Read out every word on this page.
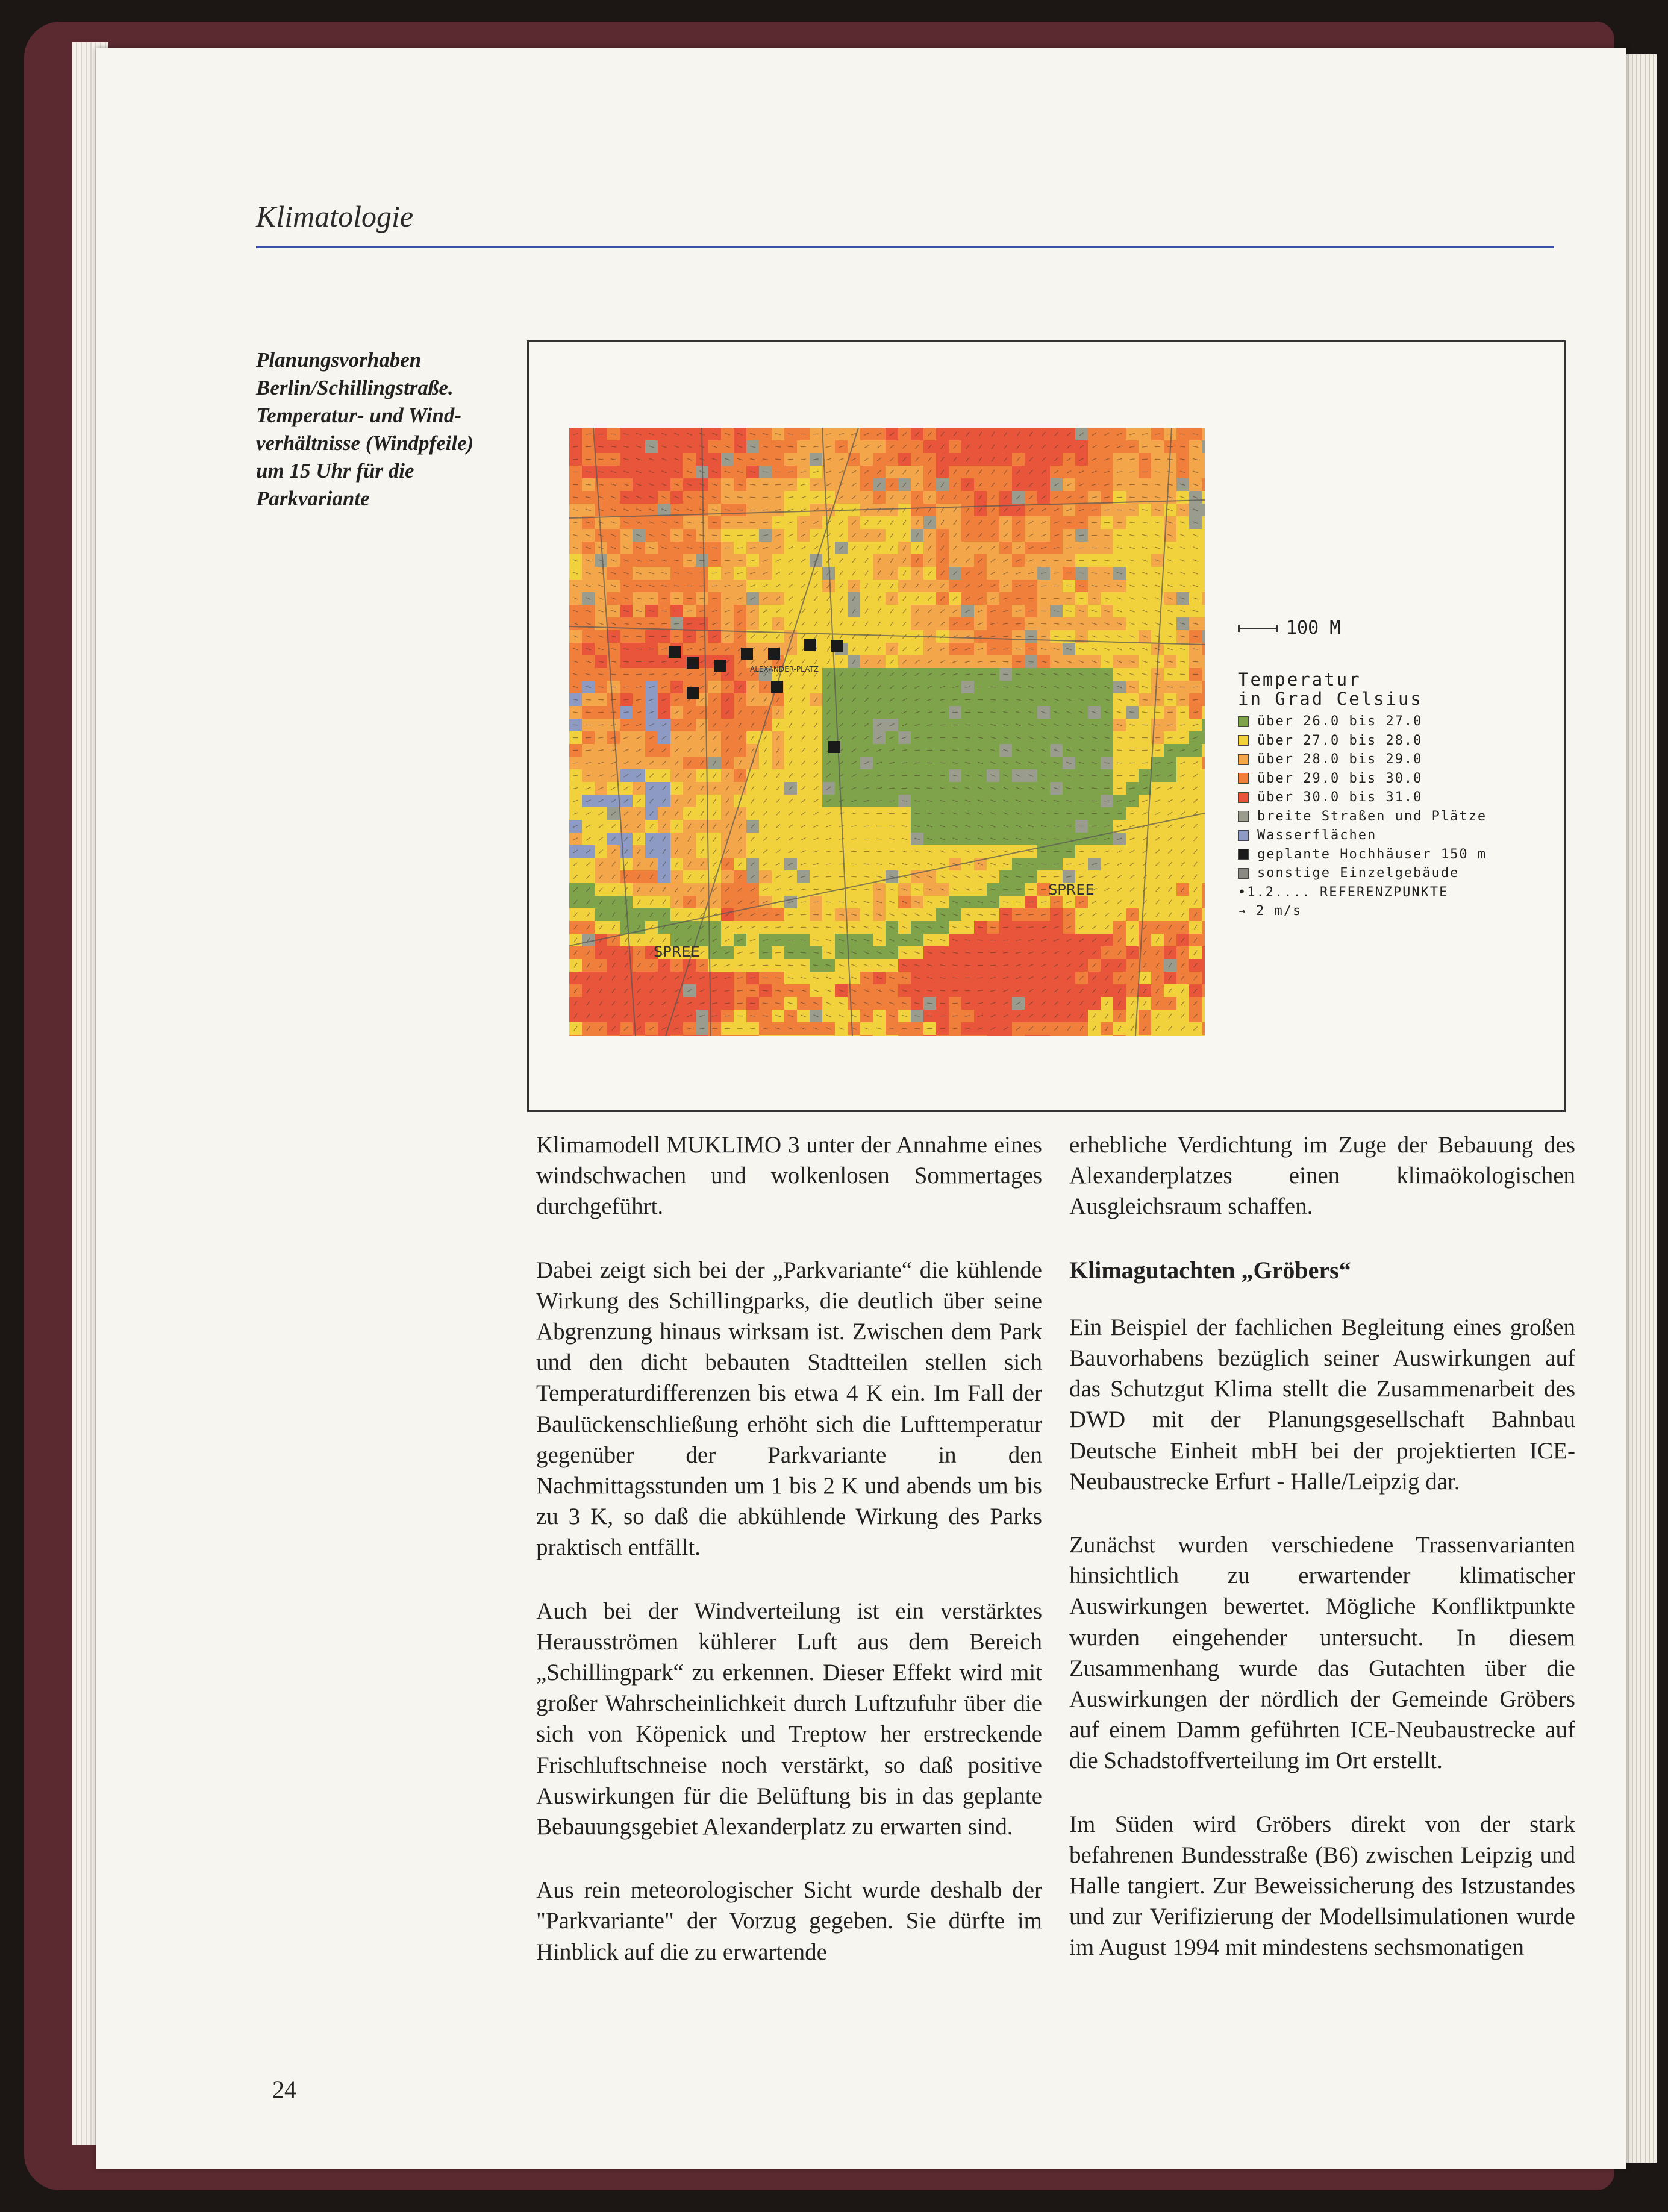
Klimatologie
Planungsvorhaben
Berlin/Schillingstraße.
Temperatur- und Wind-
verhältnisse (Windpfeile)
um 15 Uhr für die
Parkvariante
ALEXANDER-PLATZ
SPREE
SPREE
100 M
Temperatur
in Grad Celsius
über 26.0 bis 27.0
über 27.0 bis 28.0
über 28.0 bis 29.0
über 29.0 bis 30.0
über 30.0 bis 31.0
breite Straßen und Plätze
Wasserflächen
geplante Hochhäuser 150 m
sonstige Einzelgebäude
•1.2.... REFERENZPUNKTE
→ 2 m/s

Klimamodell MUKLIMO 3 unter der Annahme eines windschwachen und wolkenlosen Sommertages durchgeführt.

Dabei zeigt sich bei der „Parkvariante“ die kühlende Wirkung des Schillingparks, die deutlich über seine Abgrenzung hinaus wirksam ist. Zwischen dem Park und den dicht bebauten Stadtteilen stellen sich Temperaturdifferenzen bis etwa 4 K ein. Im Fall der Baulückenschließung erhöht sich die Lufttemperatur gegenüber der Parkvariante in den Nachmittagsstunden um 1 bis 2 K und abends um bis zu 3 K, so daß die abkühlende Wirkung des Parks praktisch entfällt.

Auch bei der Windverteilung ist ein verstärktes Herausströmen kühlerer Luft aus dem Bereich „Schillingpark“ zu erkennen. Dieser Effekt wird mit großer Wahrscheinlichkeit durch Luftzufuhr über die sich von Köpenick und Treptow her erstreckende Frischluftschneise noch verstärkt, so daß positive Auswirkungen für die Belüftung bis in das geplante Bebauungsgebiet Alexanderplatz zu erwarten sind.

Aus rein meteorologischer Sicht wurde deshalb der "Parkvariante" der Vorzug gegeben. Sie dürfte im Hinblick auf die zu erwartende

erhebliche Verdichtung im Zuge der Bebauung des Alexanderplatzes einen klimaökologischen Ausgleichsraum schaffen.

Klimagutachten „Gröbers“

Ein Beispiel der fachlichen Begleitung eines großen Bauvorhabens bezüglich seiner Auswirkungen auf das Schutzgut Klima stellt die Zusammenarbeit des DWD mit der Planungsgesellschaft Bahnbau Deutsche Einheit mbH bei der projektierten ICE-Neubaustrecke Erfurt - Halle/Leipzig dar.

Zunächst wurden verschiedene Trassenvarianten hinsichtlich zu erwartender klimatischer Auswirkungen bewertet. Mögliche Konfliktpunkte wurden eingehender untersucht. In diesem Zusammenhang wurde das Gutachten über die Auswirkungen der nördlich der Gemeinde Gröbers auf einem Damm geführten ICE-Neubaustrecke auf die Schadstoffverteilung im Ort erstellt.

Im Süden wird Gröbers direkt von der stark befahrenen Bundesstraße (B6) zwischen Leipzig und Halle tangiert. Zur Beweissicherung des Istzustandes und zur Verifizierung der Modellsimulationen wurde im August 1994 mit mindestens sechsmonatigen

24
